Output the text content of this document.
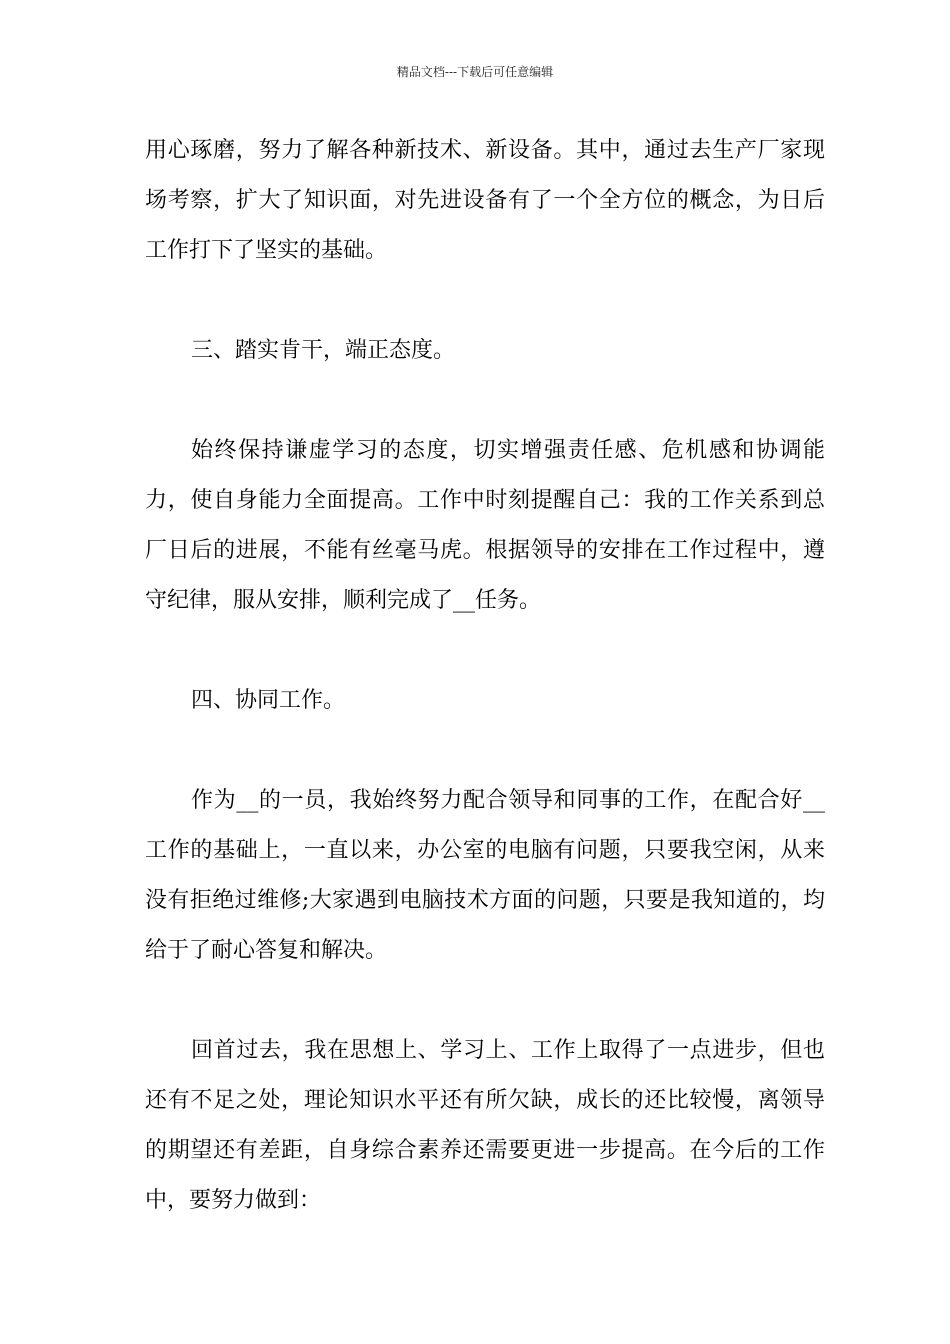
精品文档---下载后可任意编辑

用心琢磨，努力了解各种新技术、新设备。其中，通过去生产厂家现场考察，扩大了知识面，对先进设备有了一个全方位的概念，为日后工作打下了坚实的基础。

三、踏实肯干，端正态度。

始终保持谦虚学习的态度，切实增强责任感、危机感和协调能力，使自身能力全面提高。工作中时刻提醒自己：我的工作关系到总厂日后的进展，不能有丝毫马虎。根据领导的安排在工作过程中，遵守纪律，服从安排，顺利完成了__任务。

四、协同工作。

作为__的一员，我始终努力配合领导和同事的工作，在配合好__工作的基础上，一直以来，办公室的电脑有问题，只要我空闲，从来没有拒绝过维修;大家遇到电脑技术方面的问题，只要是我知道的，均给于了耐心答复和解决。

回首过去，我在思想上、学习上、工作上取得了一点进步，但也还有不足之处，理论知识水平还有所欠缺，成长的还比较慢，离领导的期望还有差距，自身综合素养还需要更进一步提高。在今后的工作中，要努力做到：
